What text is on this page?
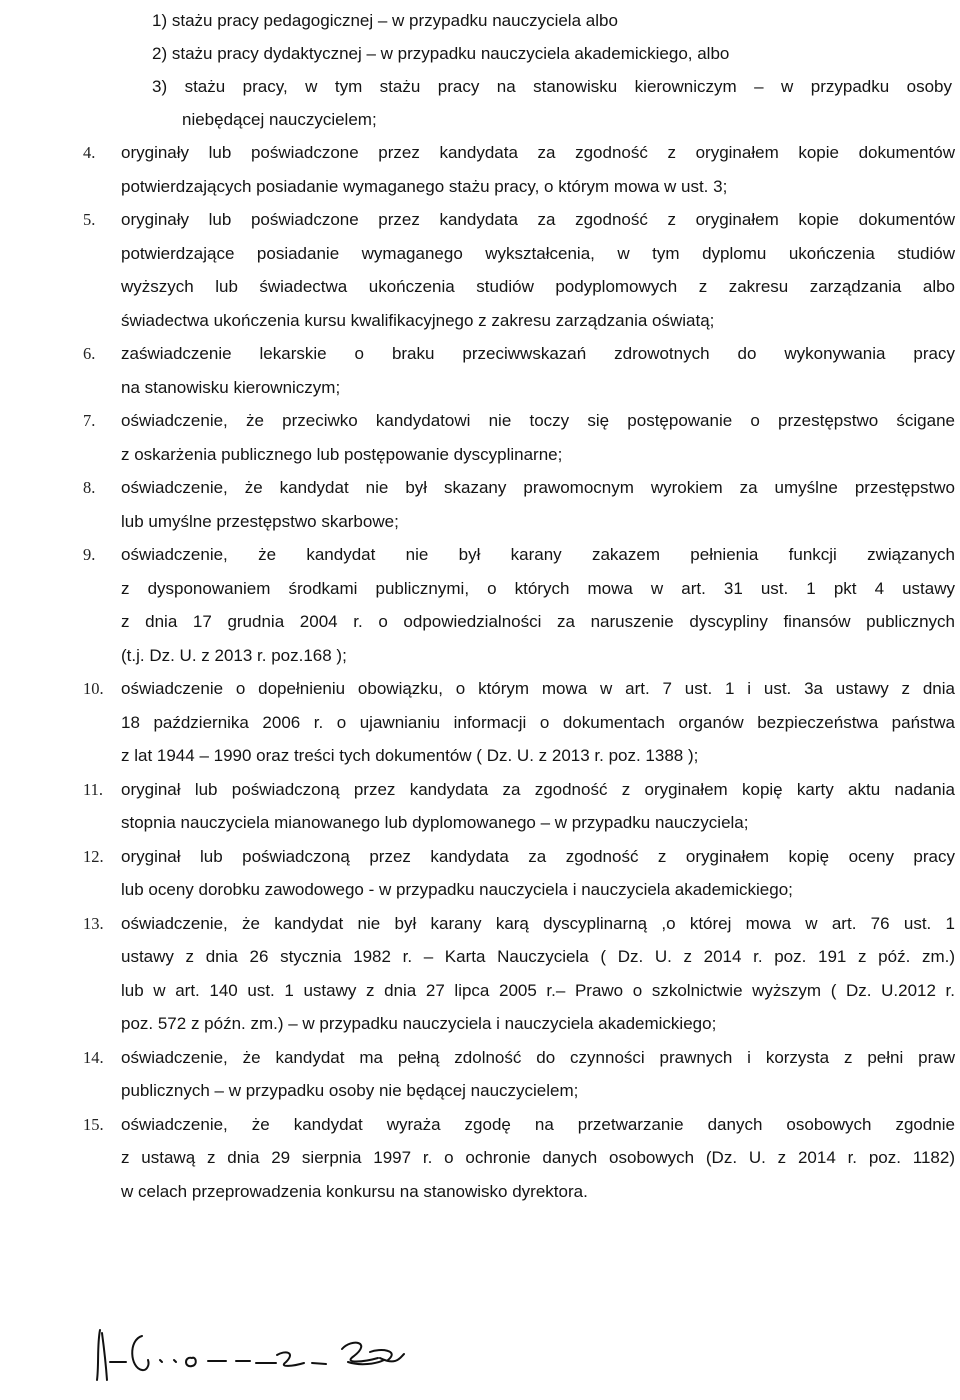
1) stażu pracy pedagogicznej – w przypadku nauczyciela albo
2) stażu pracy dydaktycznej – w przypadku nauczyciela akademickiego, albo
3) stażu pracy, w tym stażu pracy na stanowisku kierowniczym – w przypadku osoby
niebędącej nauczycielem;
4.	oryginały lub poświadczone przez kandydata za zgodność z oryginałem kopie dokumentów
potwierdzających posiadanie wymaganego stażu pracy, o którym mowa w ust. 3;
5.	oryginały lub poświadczone przez kandydata za zgodność z oryginałem kopie dokumentów
potwierdzające posiadanie wymaganego wykształcenia, w tym dyplomu ukończenia studiów
wyższych lub świadectwa ukończenia studiów podyplomowych z zakresu zarządzania albo
świadectwa ukończenia kursu kwalifikacyjnego z zakresu zarządzania oświatą;
6.	zaświadczenie lekarskie o braku przeciwwskazań zdrowotnych do wykonywania pracy
na stanowisku kierowniczym;
7.	oświadczenie, że przeciwko kandydatowi nie toczy się postępowanie o przestępstwo ścigane
z oskarżenia publicznego lub postępowanie dyscyplinarne;
8.	oświadczenie, że kandydat nie był skazany prawomocnym wyrokiem za umyślne przestępstwo
lub umyślne przestępstwo skarbowe;
9.	oświadczenie, że kandydat nie był karany zakazem pełnienia funkcji związanych
z dysponowaniem środkami publicznymi, o których mowa w art. 31 ust. 1 pkt 4 ustawy
z dnia 17 grudnia 2004 r. o odpowiedzialności za naruszenie dyscypliny finansów publicznych
(t.j. Dz. U. z 2013 r. poz.168 );
10.	oświadczenie o dopełnieniu obowiązku, o którym mowa w art. 7 ust. 1 i ust. 3a ustawy z dnia
18 października 2006 r. o ujawnianiu informacji o dokumentach organów bezpieczeństwa państwa
z lat 1944 – 1990 oraz treści tych dokumentów ( Dz. U. z 2013 r. poz. 1388 );
11.	oryginał lub poświadczoną przez kandydata za zgodność z oryginałem kopię karty aktu nadania
stopnia nauczyciela mianowanego lub dyplomowanego – w przypadku nauczyciela;
12.	oryginał lub poświadczoną przez kandydata za zgodność z oryginałem kopię oceny pracy
lub oceny dorobku zawodowego - w przypadku nauczyciela i nauczyciela akademickiego;
13.	oświadczenie, że kandydat nie był karany karą dyscyplinarną ,o której mowa w art. 76 ust. 1
ustawy z dnia 26 stycznia 1982 r. – Karta Nauczyciela ( Dz. U. z 2014 r. poz. 191 z póź. zm.)
lub w art. 140 ust. 1 ustawy z dnia 27 lipca 2005 r.– Prawo o szkolnictwie wyższym ( Dz. U.2012 r.
poz. 572 z późn. zm.) – w przypadku nauczyciela i nauczyciela akademickiego;
14.	oświadczenie, że kandydat ma pełną zdolność do czynności prawnych i korzysta z pełni praw
publicznych – w przypadku osoby nie będącej nauczycielem;
15.	oświadczenie, że kandydat wyraża zgodę na przetwarzanie danych osobowych zgodnie
z ustawą z dnia 29 sierpnia 1997 r. o ochronie danych osobowych (Dz. U. z 2014 r. poz. 1182)
w celach przeprowadzenia konkursu na stanowisko dyrektora.
